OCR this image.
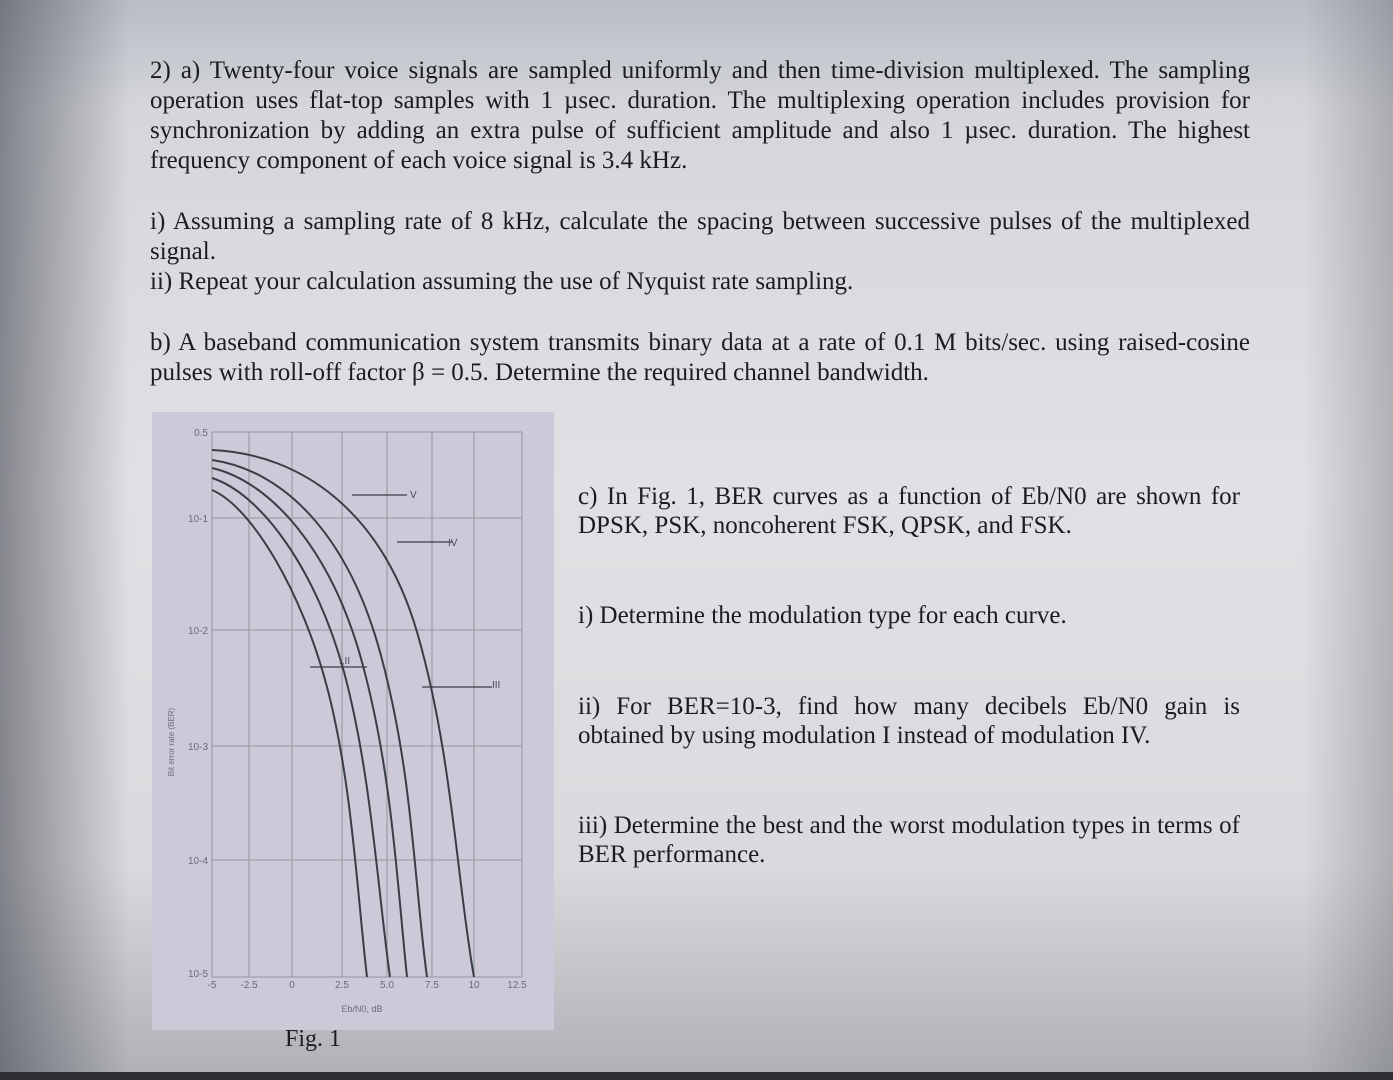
2) a) Twenty-four voice signals are sampled uniformly and then time-division multiplexed. The sampling operation uses flat-top samples with 1 µsec. duration. The multiplexing operation includes provision for synchronization by adding an extra pulse of sufficient amplitude and also 1 µsec. duration. The highest frequency component of each voice signal is 3.4 kHz.

i) Assuming a sampling rate of 8 kHz, calculate the spacing between successive pulses of the multiplexed signal.

ii) Repeat your calculation assuming the use of Nyquist rate sampling.

b) A baseband communication system transmits binary data at a rate of 0.1 M bits/sec. using raised-cosine pulses with roll-off factor β = 0.5. Determine the required channel bandwidth.

V
IV
I,II
III
0.5
10-1
10-2
10-3
10-4
10-5
Bit error rate (BER)
-5 -2.5	0	2.5	5.0	7.5	10	12.5
Eb/N0, dB
Fig. 1
c) In Fig. 1, BER curves as a function of Eb/N0 are shown for DPSK, PSK, noncoherent FSK, QPSK, and FSK.
i) Determine the modulation type for each curve.
ii) For BER=10-3, find how many decibels Eb/N0 gain is obtained by using modulation I instead of modulation IV.
iii) Determine the best and the worst modulation types in terms of BER performance.
